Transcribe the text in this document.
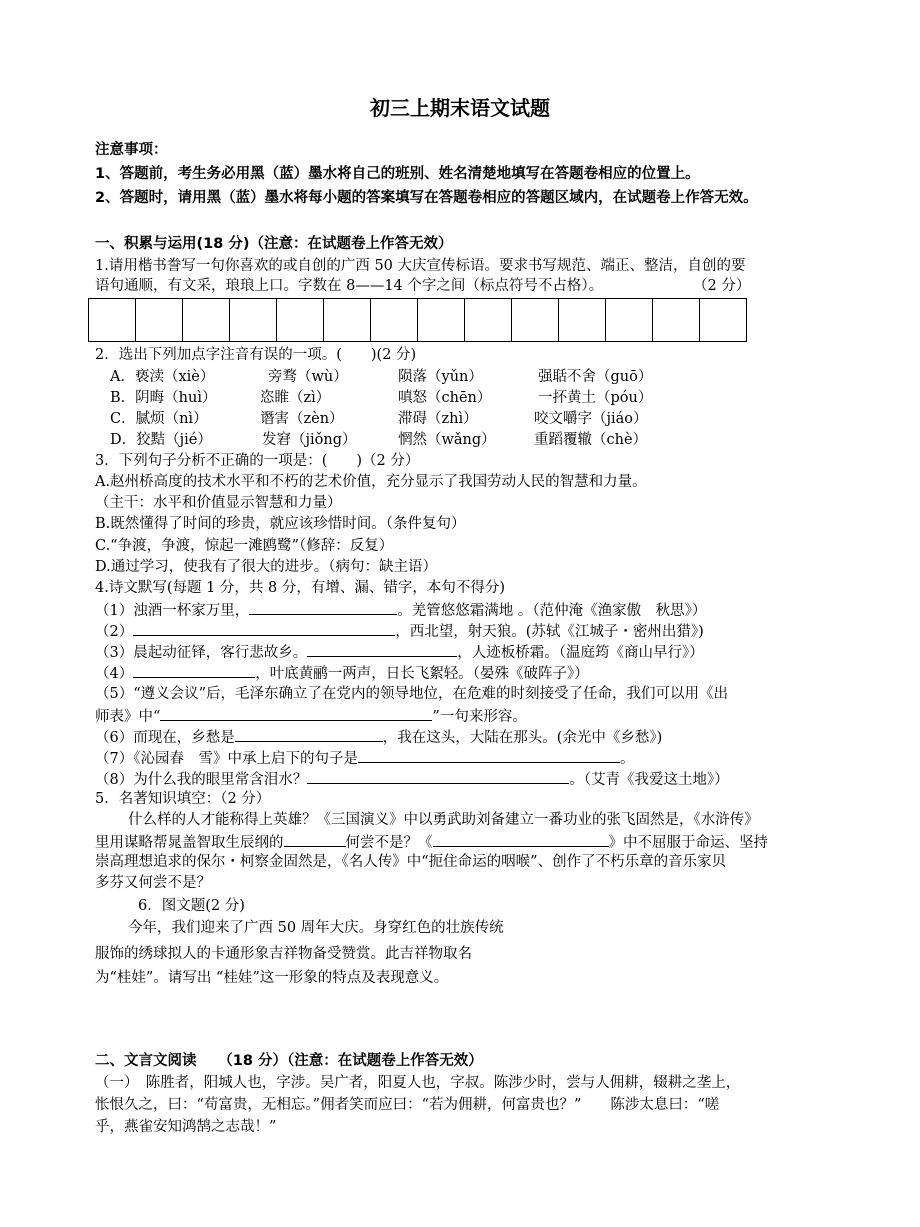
初三上期末语文试题
注意事项：
1、答题前，考生务必用黑（蓝）墨水将自己的班别、姓名清楚地填写在答题卷相应的位置上。
2、答题时，请用黑（蓝）墨水将每小题的答案填写在答题卷相应的答题区域内，在试题卷上作答无效。
一、积累与运用(18 分)（注意：在试题卷上作答无效）
1.请用楷书誊写一句你喜欢的或自创的广西 50 大庆宣传标语。要求书写规范、端正、整洁，自创的要
语句通顺，有文采，琅琅上口。字数在 8——14 个字之间（标点符号不占格）。	（2 分）
2．选出下列加点字注音有误的一项。(　　)(2 分)
A．亵渎（xiè）	旁骛（wù）	陨落（yǔn）	强聒不舍（guō）
B．阴晦（huì）	恣睢（zì）	嗔怒（chēn）	一抔黄土（póu）
C．腻烦（nì）	谮害（zèn）	滞碍（zhì）	咬文嚼字（jiáo）
D．狡黠（jié）	发窘（jiǒng）	惘然（wǎng）	重蹈覆辙（chè）
3．下列句子分析不正确的一项是：(　　)（2 分）
A.赵州桥高度的技术水平和不朽的艺术价值，充分显示了我国劳动人民的智慧和力量。
（主干：水平和价值显示智慧和力量）
B.既然懂得了时间的珍贵，就应该珍惜时间。（条件复句）
C.“争渡，争渡，惊起一滩鸥鹭”（修辞：反复）
D.通过学习，使我有了很大的进步。（病句：缺主语）
4.诗文默写(每题 1 分，共 8 分，有增、漏、错字，本句不得分)
（1）浊酒一杯家万里，	。羌管悠悠霜满地 。（范仲淹《渔家傲　秋思》）
（2）	，西北望，射天狼。(苏轼《江城子・密州出猎》)
（3）晨起动征铎，客行悲故乡。	，人迹板桥霜。（温庭筠《商山早行》）
（4）	，叶底黄鹂一两声，日长飞絮轻。（晏殊《破阵子》）
（5）“遵义会议”后，毛泽东确立了在党内的领导地位，在危难的时刻接受了任命，我们可以用《出
师表》中“	”一句来形容。
（6）而现在，乡愁是	，我在这头，大陆在那头。(余光中《乡愁》)
（7）《沁园春　雪》中承上启下的句子是	。
（8）为什么我的眼里常含泪水？	。（艾青《我爱这土地》）
5．名著知识填空：（2 分）
什么样的人才能称得上英雄？《三国演义》中以勇武助刘备建立一番功业的张飞固然是，《水浒传》
里用谋略帮晁盖智取生辰纲的	何尝不是？《	》中不屈服于命运、坚持
崇高理想追求的保尔・柯察金固然是，《名人传》中“扼住命运的咽喉”、创作了不朽乐章的音乐家贝
多芬又何尝不是？
6．图文题(2 分)
今年，我们迎来了广西 50 周年大庆。身穿红色的壮族传统
服饰的绣球拟人的卡通形象吉祥物备受赞赏。此吉祥物取名
为“桂娃”。请写出 “桂娃”这一形象的特点及表现意义。
二、文言文阅读　　（18 分）（注意：在试题卷上作答无效）
（一）　陈胜者，阳城人也，字涉。吴广者，阳夏人也，字叔。陈涉少时，尝与人佣耕，辍耕之垄上，
怅恨久之，曰：“苟富贵，无相忘。”佣者笑而应曰：“若为佣耕，何富贵也？”　　陈涉太息曰：“嗟
乎，燕雀安知鸿鹄之志哉！”
